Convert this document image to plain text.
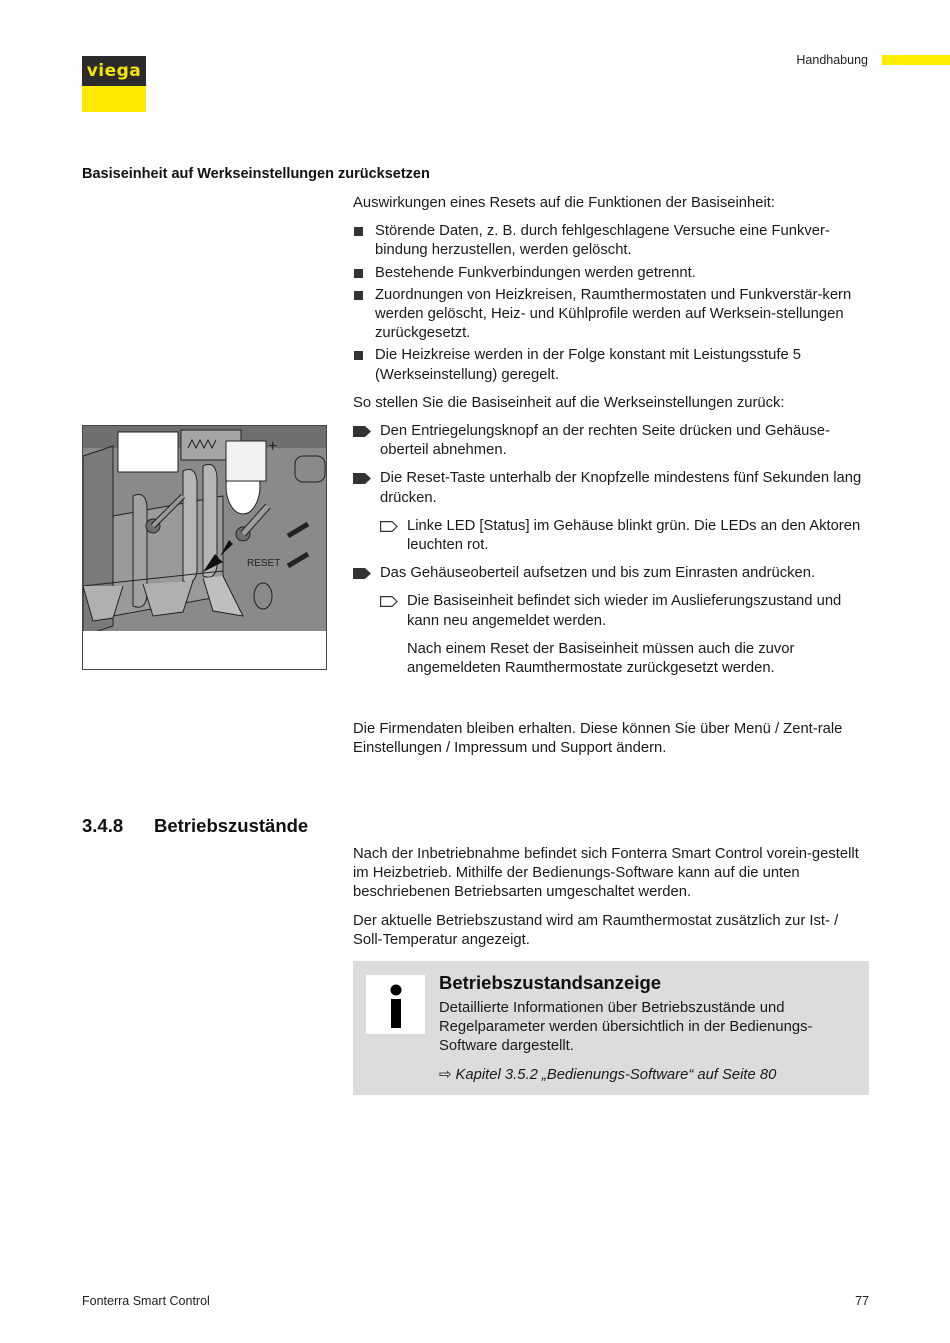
viega
Handhabung
Basiseinheit auf Werkseinstellungen zurücksetzen
RESET
+

Auswirkungen eines Resets auf die Funktionen der Basiseinheit:

Störende Daten, z. B. durch fehlgeschlagene Versuche eine Funkver-bindung herzustellen, werden gelöscht.
Bestehende Funkverbindungen werden getrennt.
Zuordnungen von Heizkreisen, Raumthermostaten und Funkverstär-kern werden gelöscht, Heiz- und Kühlprofile werden auf Werksein-stellungen zurückgesetzt.
Die Heizkreise werden in der Folge konstant mit Leistungsstufe 5 (Werkseinstellung) geregelt.

So stellen Sie die Basiseinheit auf die Werkseinstellungen zurück:

Den Entriegelungsknopf an der rechten Seite drücken und Gehäuse-oberteil abnehmen.
Die Reset-Taste unterhalb der Knopfzelle mindestens fünf Sekunden lang drücken.
Linke LED [Status] im Gehäuse blinkt grün. Die LEDs an den Aktoren leuchten rot.
Das Gehäuseoberteil aufsetzen und bis zum Einrasten andrücken.
Die Basiseinheit befindet sich wieder im Auslieferungszustand und kann neu angemeldet werden.
Nach einem Reset der Basiseinheit müssen auch die zuvor angemeldeten Raumthermostate zurückgesetzt werden.
Die Firmendaten bleiben erhalten. Diese können Sie über Menü / Zent-rale Einstellungen / Impressum und Support ändern.
3.4.8 Betriebszustände

Nach der Inbetriebnahme befindet sich Fonterra Smart Control vorein-gestellt im Heizbetrieb. Mithilfe der Bedienungs-Software kann auf die unten beschriebenen Betriebsarten umgeschaltet werden.

Der aktuelle Betriebszustand wird am Raumthermostat zusätzlich zur Ist- / Soll-Temperatur angezeigt.

Betriebszustandsanzeige
Detaillierte Informationen über Betriebszustände und Regelparameter werden übersichtlich in der Bedienungs-Software dargestellt.
⇨ Kapitel 3.5.2 „Bedienungs-Software“ auf Seite 80
Fonterra Smart Control	77
